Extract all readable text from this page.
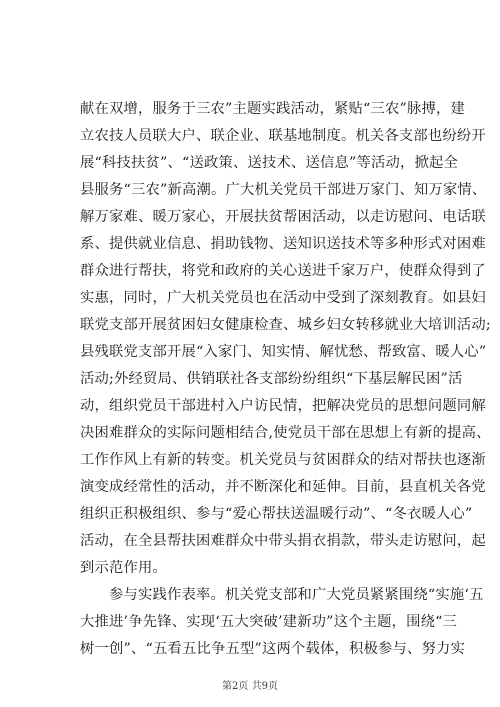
献在双增，服务于三农”主题实践活动，紧贴“三农”脉搏，建
立农技人员联大户、联企业、联基地制度。机关各支部也纷纷开
展“科技扶贫”、“送政策、送技术、送信息”等活动，掀起全
县服务“三农”新高潮。广大机关党员干部进万家门、知万家情、
解万家难、暖万家心，开展扶贫帮困活动，以走访慰问、电话联
系、提供就业信息、捐助钱物、送知识送技术等多种形式对困难
群众进行帮扶，将党和政府的关心送进千家万户，使群众得到了
实惠，同时，广大机关党员也在活动中受到了深刻教育。如县妇
联党支部开展贫困妇女健康检查、城乡妇女转移就业大培训活动;
县残联党支部开展“入家门、知实情、解忧愁、帮致富、暖人心”
活动;外经贸局、供销联社各支部纷纷组织“下基层解民困”活
动，组织党员干部进村入户访民情，把解决党员的思想问题同解
决困难群众的实际问题相结合,使党员干部在思想上有新的提高、
工作作风上有新的转变。机关党员与贫困群众的结对帮扶也逐渐
演变成经常性的活动，并不断深化和延伸。目前，县直机关各党
组织正积极组织、参与“爱心帮扶送温暖行动”、“冬衣暖人心”
活动，在全县帮扶困难群众中带头捐衣捐款，带头走访慰问，起
到示范作用。

　　参与实践作表率。机关党支部和广大党员紧紧围绕“实施‘五
大推进’争先锋、实现‘五大突破’建新功”这个主题，围绕“三
树一创”、“五看五比争五型”这两个载体，积极参与、努力实

第2页 共9页
